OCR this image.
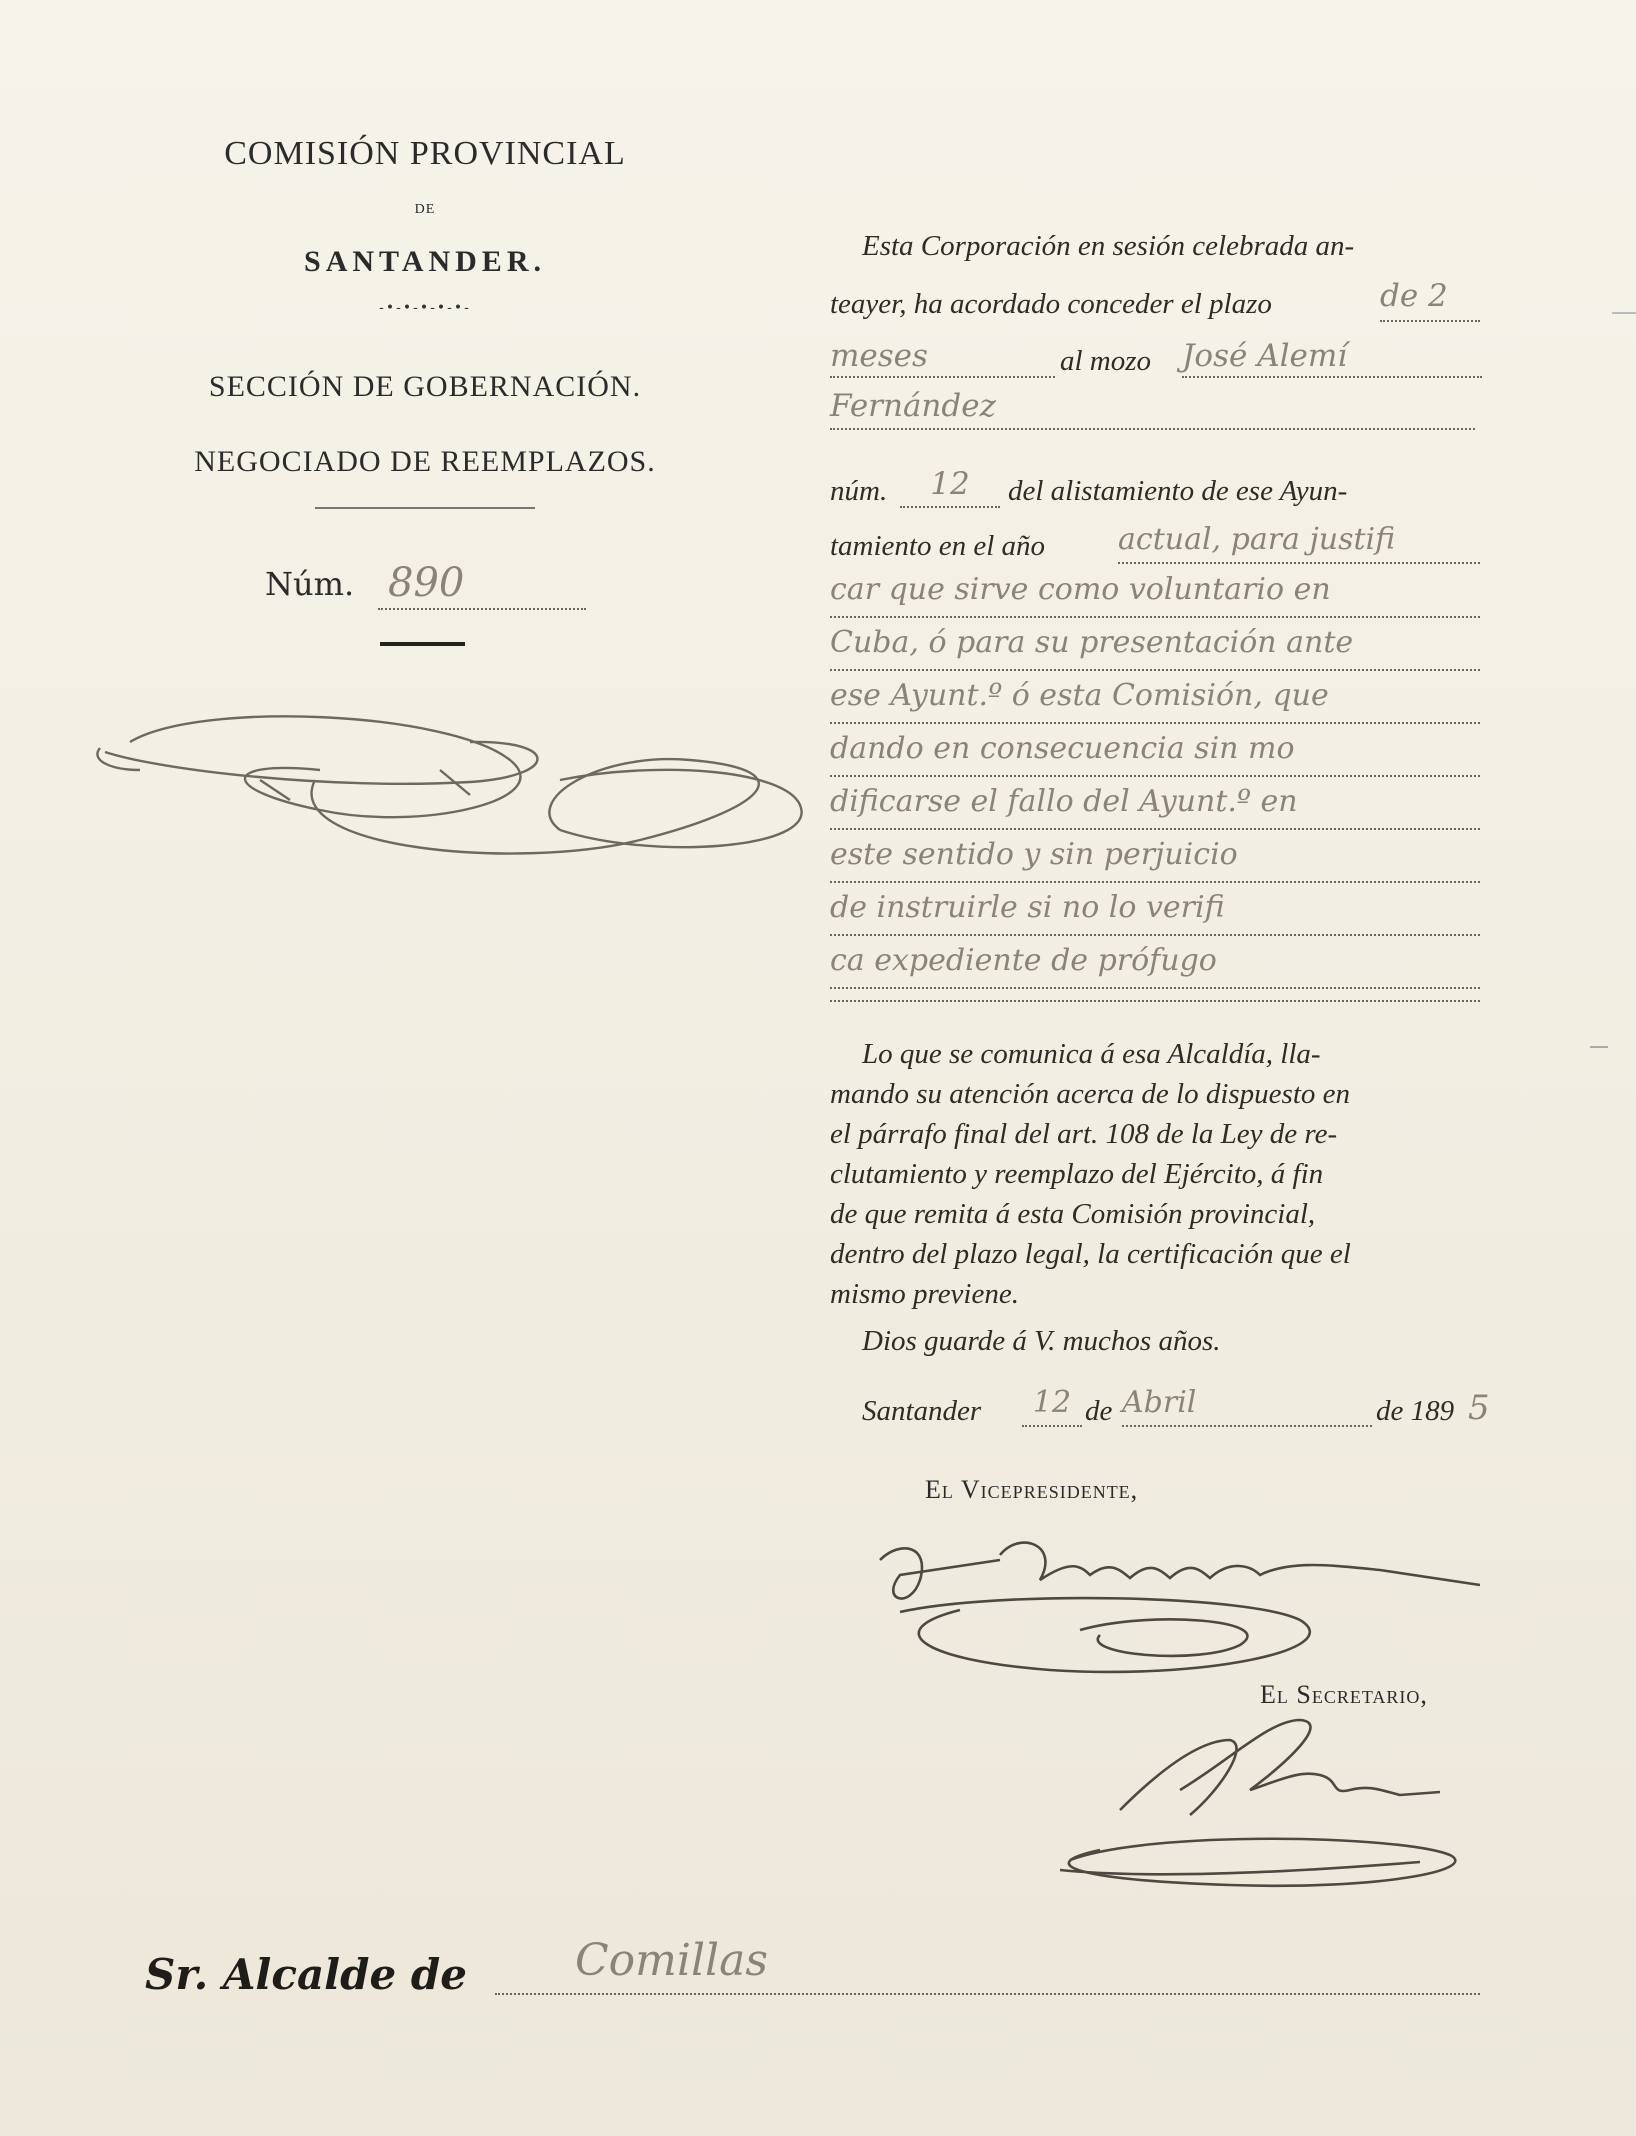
COMISIÓN PROVINCIAL
DE
SANTANDER.
-•-•-•-•-•-
SECCIÓN DE GOBERNACIÓN.
NEGOCIADO DE REEMPLAZOS.
Núm. 890
Esta Corporación en sesión celebrada an-
teayer, ha acordado conceder el plazo	de 2
meses	al mozo José Alemí
Fernández
núm.	12	del alistamiento de ese Ayun-
tamiento en el año actual, para justifi
car que sirve como voluntario en
Cuba, ó para su presentación ante
ese Ayunt.º ó esta Comisión, que
dando en consecuencia sin mo
dificarse el fallo del Ayunt.º en
este sentido y sin perjuicio
de instruirle si no lo verifi
ca expediente de prófugo
Lo que se comunica á esa Alcaldía, lla-
mando su atención acerca de lo dispuesto en
el párrafo final del art. 108 de la Ley de re-
clutamiento y reemplazo del Ejército, á fin
de que remita á esta Comisión provincial,
dentro del plazo legal, la certificación que el
mismo previene.
Dios guarde á V. muchos años.
Santander	12 de Abril	de 189 5
El Vicepresidente,
El Secretario,
Sr. Alcalde de	Comillas
